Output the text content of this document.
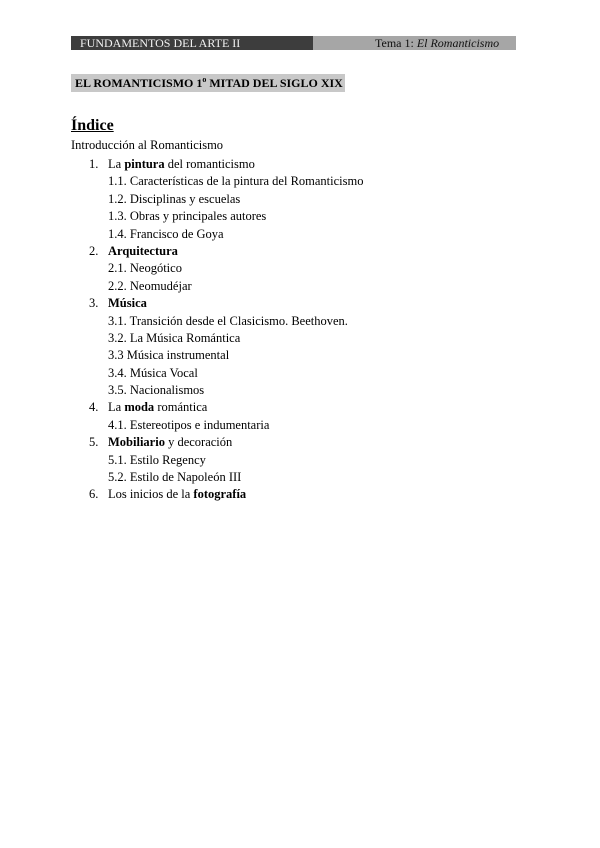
FUNDAMENTOS DEL ARTE II	Tema 1: El Romanticismo
EL ROMANTICISMO 1$^o$ MITAD DEL SIGLO XIX
Índice
Introducción al Romanticismo
1. La pintura del romanticismo
1.1. Características de la pintura del Romanticismo
1.2. Disciplinas y escuelas
1.3. Obras y principales autores
1.4. Francisco de Goya
2. Arquitectura
2.1. Neogótico
2.2. Neomudéjar
3. Música
3.1. Transición desde el Clasicismo. Beethoven.
3.2. La Música Romántica
3.3 Música instrumental
3.4. Música Vocal
3.5. Nacionalismos
4. La moda romántica
4.1. Estereotipos e indumentaria
5. Mobiliario y decoración
5.1. Estilo Regency
5.2. Estilo de Napoleón III
6. Los inicios de la fotografía
